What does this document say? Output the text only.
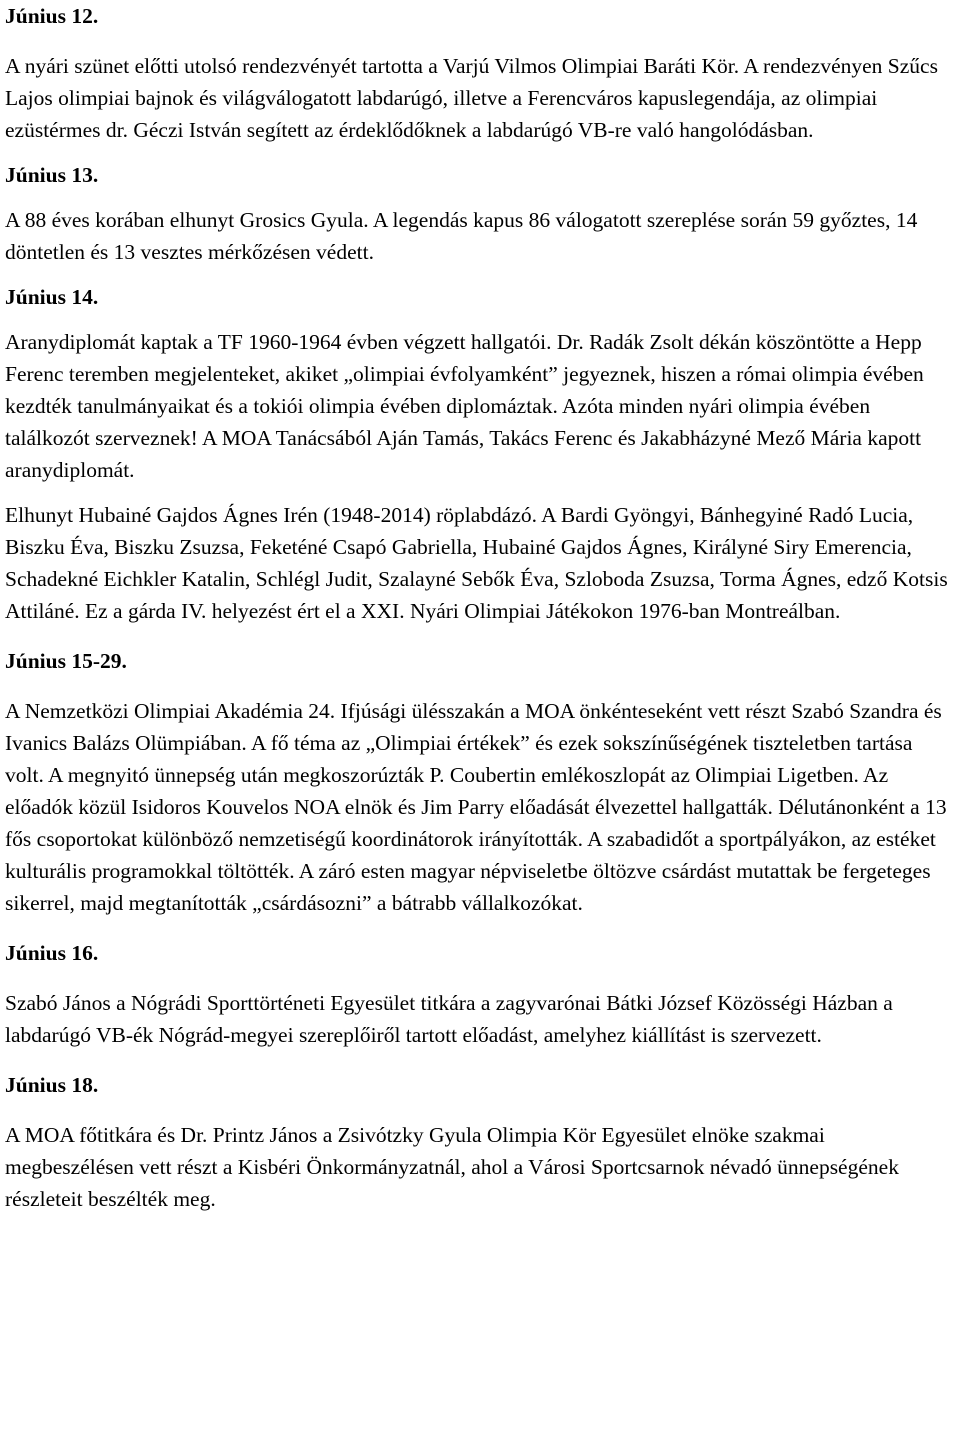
Június 12.

A nyári szünet előtti utolsó rendezvényét tartotta a Varjú Vilmos Olimpiai Baráti Kör. A rendezvényen Szűcs Lajos olimpiai bajnok és világválogatott labdarúgó, illetve a Ferencváros kapuslegendája, az olimpiai ezüstérmes dr. Géczi István segített az érdeklődőknek a labdarúgó VB-re való hangolódásban.

Június 13.

A 88 éves korában elhunyt Grosics Gyula. A legendás kapus 86 válogatott szereplése során 59 győztes, 14 döntetlen és 13 vesztes mérkőzésen védett.

Június 14.

Aranydiplomát kaptak a TF 1960-1964 évben végzett hallgatói. Dr. Radák Zsolt dékán köszöntötte a Hepp Ferenc teremben megjelenteket, akiket „olimpiai évfolyamként” jegyeznek, hiszen a római olimpia évében kezdték tanulmányaikat és a tokiói olimpia évében diplomáztak. Azóta minden nyári olimpia évében találkozót szerveznek! A MOA Tanácsából Aján Tamás, Takács Ferenc és Jakabházyné Mező Mária kapott aranydiplomát.

Elhunyt Hubainé Gajdos Ágnes Irén (1948-2014) röplabdázó. A Bardi Gyöngyi, Bánhegyiné Radó Lucia, Biszku Éva, Biszku Zsuzsa, Feketéné Csapó Gabriella, Hubainé Gajdos Ágnes, Királyné Siry Emerencia, Schadekné Eichkler Katalin, Schlégl Judit, Szalayné Sebők Éva, Szloboda Zsuzsa, Torma Ágnes, edző Kotsis Attiláné. Ez a gárda IV. helyezést ért el a XXI. Nyári Olimpiai Játékokon 1976-ban Montreálban.

Június 15-29.

A Nemzetközi Olimpiai Akadémia 24. Ifjúsági ülésszakán a MOA önkénteseként vett részt Szabó Szandra és Ivanics Balázs Olümpiában. A fő téma az „Olimpiai értékek” és ezek sokszínűségének tiszteletben tartása volt. A megnyitó ünnepség után megkoszorúzták P. Coubertin emlékoszlopát az Olimpiai Ligetben. Az előadók közül Isidoros Kouvelos NOA elnök és Jim Parry előadását élvezettel hallgatták. Délutánonként a 13 fős csoportokat különböző nemzetiségű koordinátorok irányították. A szabadidőt a sportpályákon, az estéket kulturális programokkal töltötték. A záró esten magyar népviseletbe öltözve csárdást mutattak be fergeteges sikerrel, majd megtanították „csárdásozni” a bátrabb vállalkozókat.

Június 16.

Szabó János a Nógrádi Sporttörténeti Egyesület titkára a zagyvarónai Bátki József Közösségi Házban a labdarúgó VB-ék Nógrád-megyei szereplőiről tartott előadást, amelyhez kiállítást is szervezett.

Június 18.

A MOA főtitkára és Dr. Printz János a Zsivótzky Gyula Olimpia Kör Egyesület elnöke szakmai megbeszélésen vett részt a Kisbéri Önkormányzatnál, ahol a Városi Sportcsarnok névadó ünnepségének részleteit beszélték meg.
